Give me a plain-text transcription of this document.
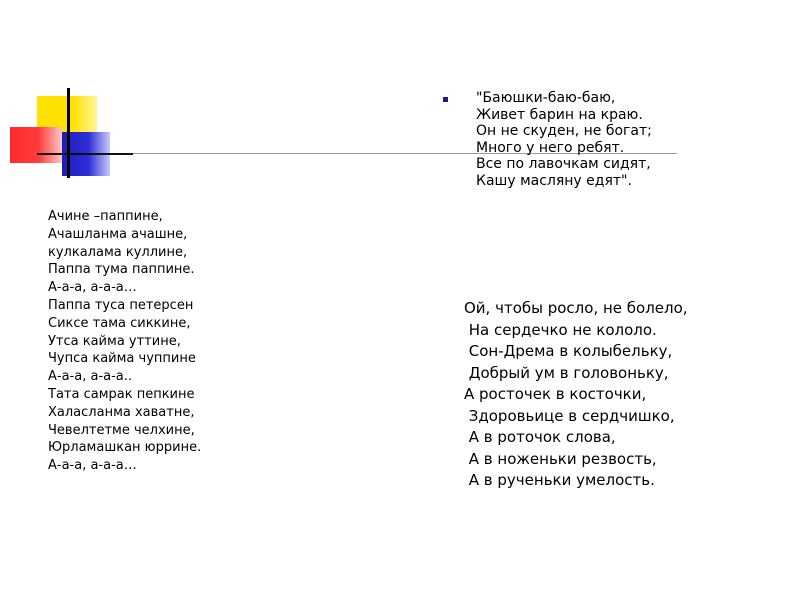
Ачине –паппине,
Ачашланма ачашне,
кулкалама куллине,
Паппа тума паппине.
А-а-а, а-а-а…
Паппа туса петерсен
Сиксе тама сиккине,
Утса кайма уттине,
Чупса кайма чуппине
А-а-а, а-а-а..
Тата самрак пепкине
Халасланма хаватне,
Чевелтетме челхине,
Юрламашкан юррине.
А-а-а, а-а-а…
"Баюшки-баю-баю,
Живет барин на краю.
Он не скуден, не богат;
Много у него ребят.
Все по лавочкам сидят,
Кашу масляну едят".
Ой, чтобы росло, не болело,
На сердечко не кололо.
Сон-Дрема в колыбельку,
Добрый ум в головоньку,
А росточек в косточки,
Здоровьице в сердчишко,
А в роточок слова,
А в ноженьки резвость,
А в рученьки умелость.
